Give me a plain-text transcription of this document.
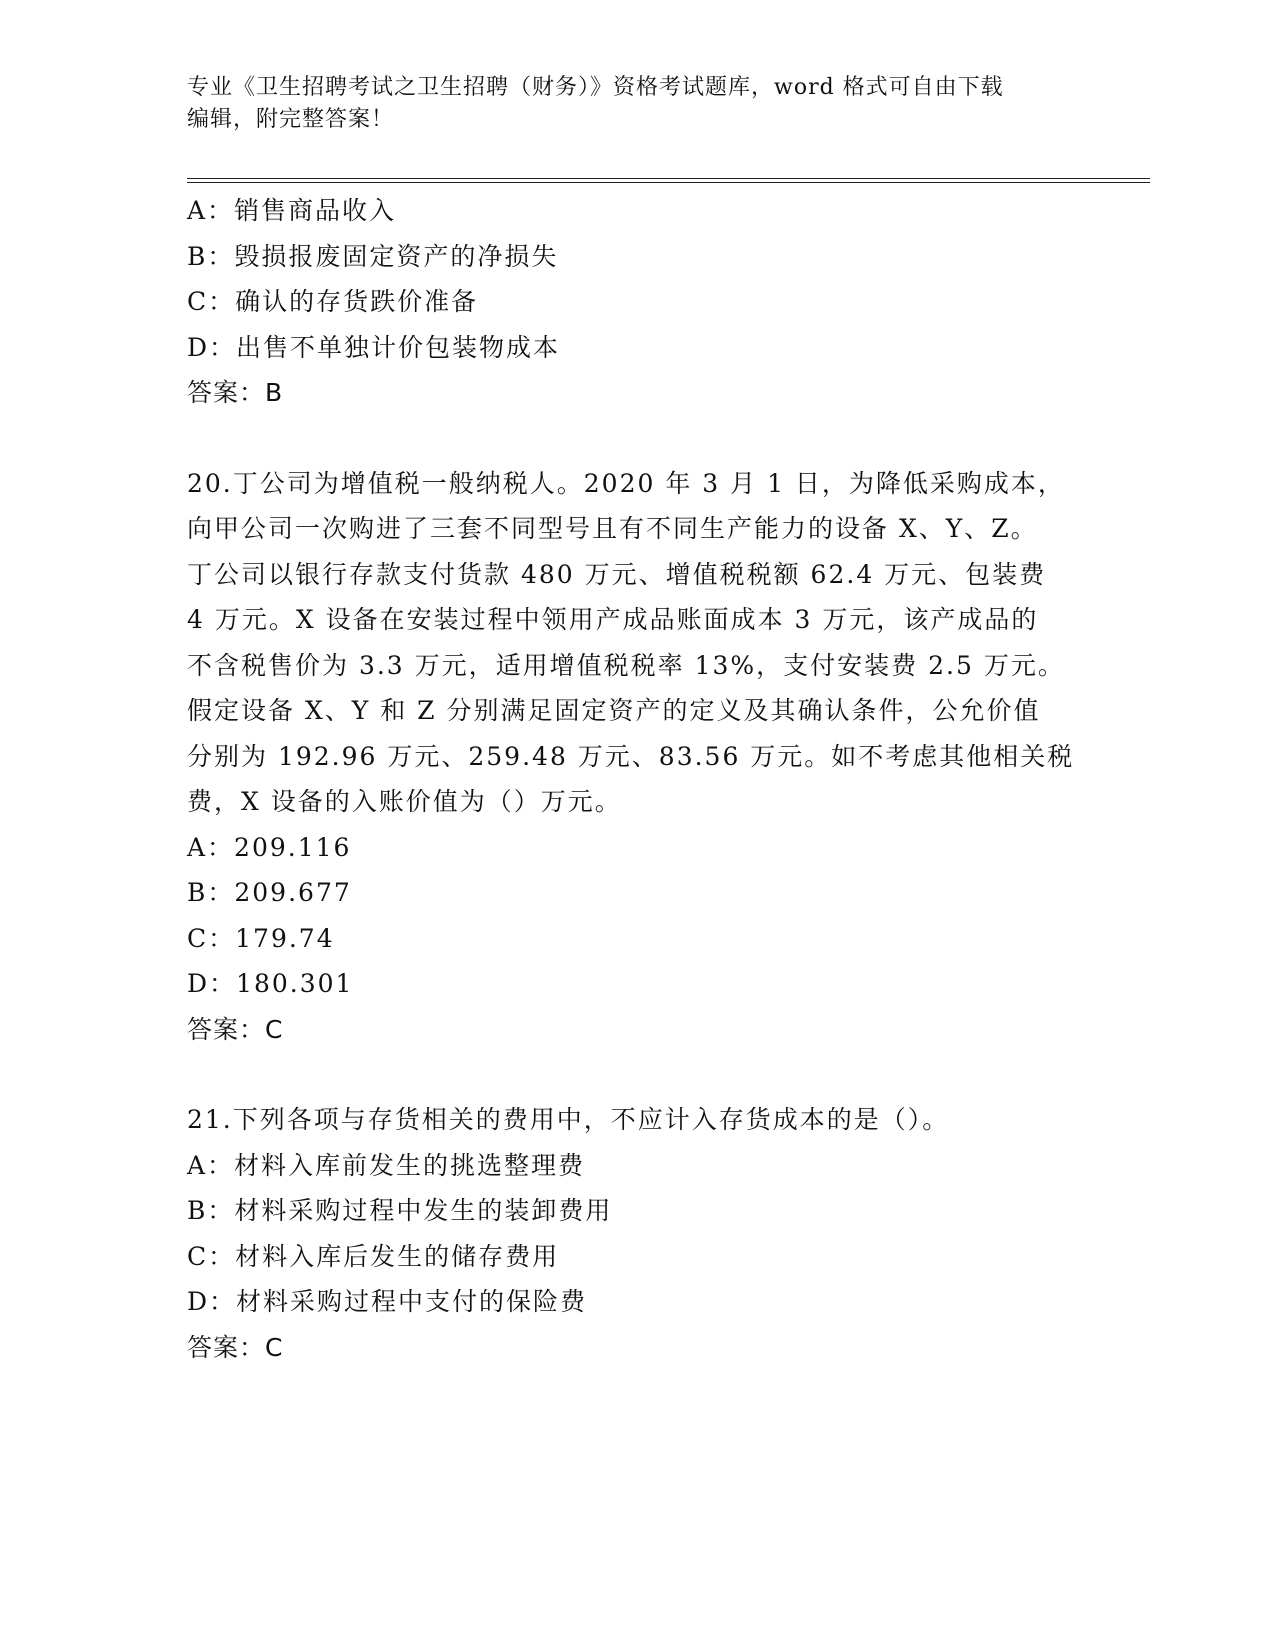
专业《卫生招聘考试之卫生招聘（财务）》资格考试题库，word 格式可自由下载
编辑，附完整答案！
A：销售商品收入
B：毁损报废固定资产的净损失
C：确认的存货跌价准备
D：出售不单独计价包装物成本
答案：B
20.丁公司为增值税一般纳税人。2020 年 3 月 1 日，为降低采购成本，
向甲公司一次购进了三套不同型号且有不同生产能力的设备 X、Y、Z。
丁公司以银行存款支付货款 480 万元、增值税税额 62.4 万元、包装费
4 万元。X 设备在安装过程中领用产成品账面成本 3 万元，该产成品的
不含税售价为 3.3 万元，适用增值税税率 13%，支付安装费 2.5 万元。
假定设备 X、Y 和 Z 分别满足固定资产的定义及其确认条件，公允价值
分别为 192.96 万元、259.48 万元、83.56 万元。如不考虑其他相关税
费，X 设备的入账价值为（）万元。
A：209.116
B：209.677
C：179.74
D：180.301
答案：C
21.下列各项与存货相关的费用中，不应计入存货成本的是（）。
A：材料入库前发生的挑选整理费
B：材料采购过程中发生的装卸费用
C：材料入库后发生的储存费用
D：材料采购过程中支付的保险费
答案：C
